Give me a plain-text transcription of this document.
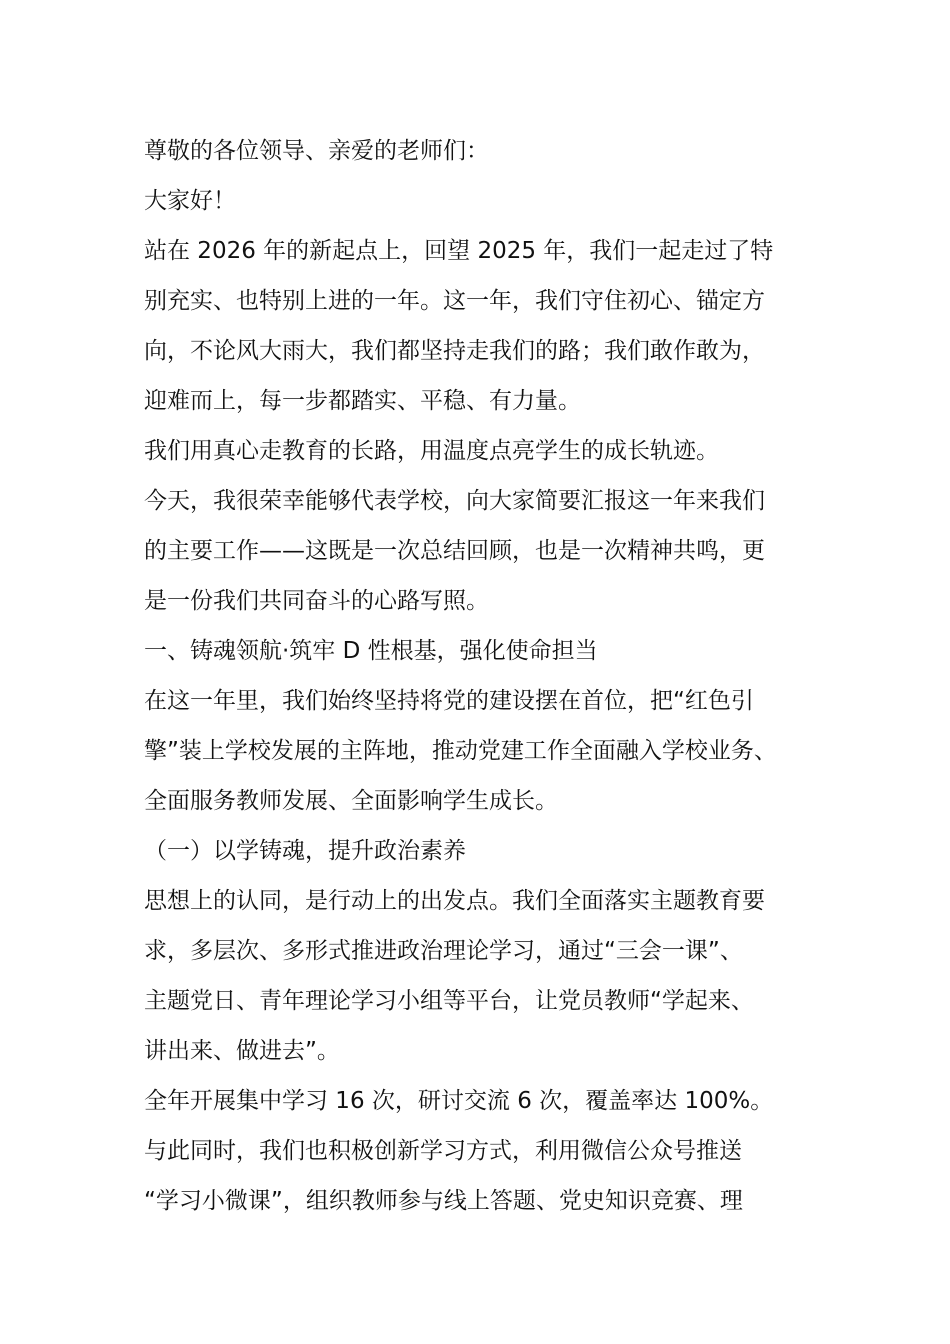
尊敬的各位领导、亲爱的老师们：
大家好！
站在 2026 年的新起点上，回望 2025 年，我们一起走过了特
别充实、也特别上进的一年。这一年，我们守住初心、锚定方
向，不论风大雨大，我们都坚持走我们的路；我们敢作敢为，
迎难而上，每一步都踏实、平稳、有力量。
我们用真心走教育的长路，用温度点亮学生的成长轨迹。
今天，我很荣幸能够代表学校，向大家简要汇报这一年来我们
的主要工作——这既是一次总结回顾，也是一次精神共鸣，更
是一份我们共同奋斗的心路写照。
一、铸魂领航·筑牢 D 性根基，强化使命担当
在这一年里，我们始终坚持将党的建设摆在首位，把“红色引
擎”装上学校发展的主阵地，推动党建工作全面融入学校业务、
全面服务教师发展、全面影响学生成长。
（一）以学铸魂，提升政治素养
思想上的认同，是行动上的出发点。我们全面落实主题教育要
求，多层次、多形式推进政治理论学习，通过“三会一课”、
主题党日、青年理论学习小组等平台，让党员教师“学起来、
讲出来、做进去”。
全年开展集中学习 16 次，研讨交流 6 次，覆盖率达 100%。
与此同时，我们也积极创新学习方式，利用微信公众号推送
“学习小微课”，组织教师参与线上答题、党史知识竞赛、理
